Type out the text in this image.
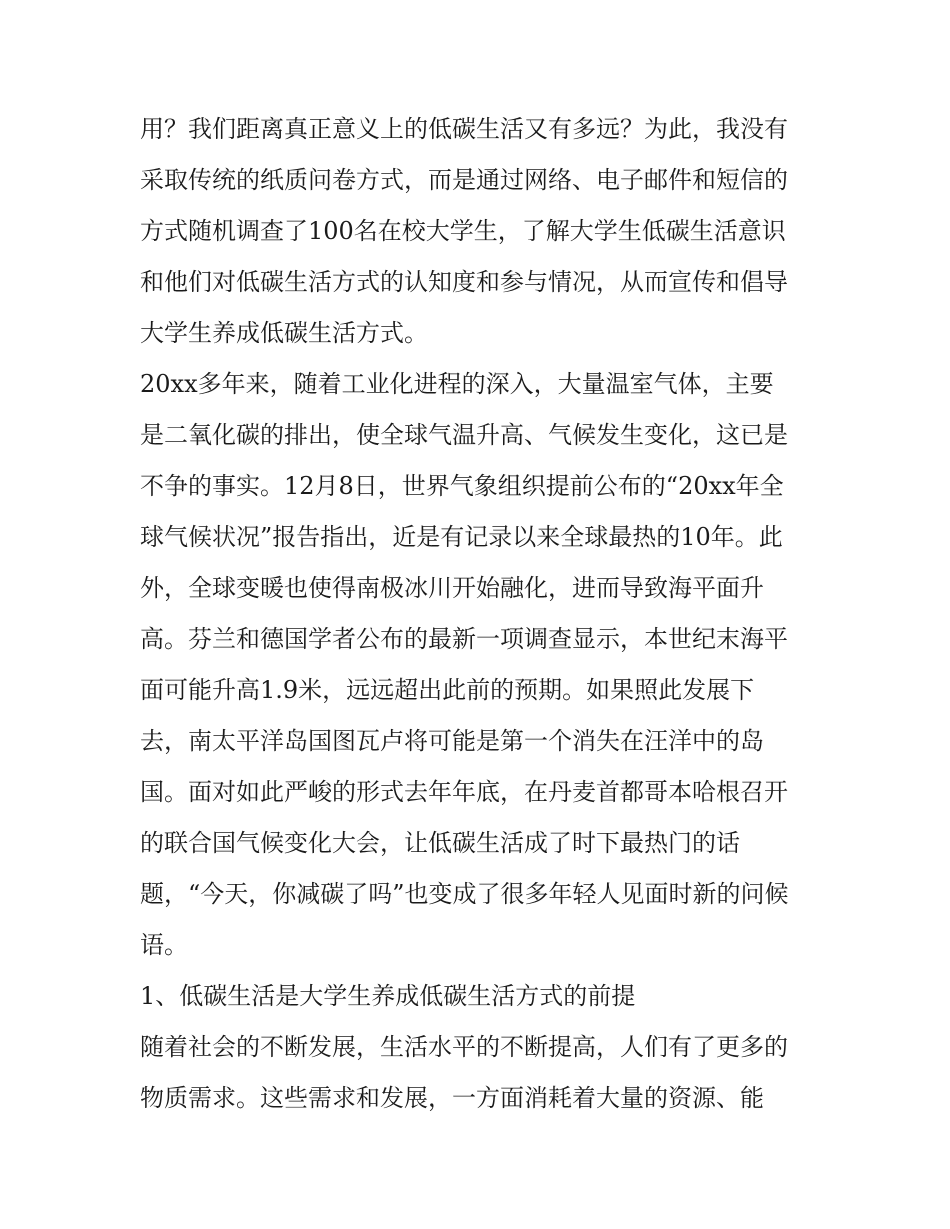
用？我们距离真正意义上的低碳生活又有多远？为此，我没有
采取传统的纸质问卷方式，而是通过网络、电子邮件和短信的
方式随机调查了100名在校大学生，了解大学生低碳生活意识
和他们对低碳生活方式的认知度和参与情况，从而宣传和倡导
大学生养成低碳生活方式。
20xx多年来，随着工业化进程的深入，大量温室气体，主要
是二氧化碳的排出，使全球气温升高、气候发生变化，这已是
不争的事实。12月8日，世界气象组织提前公布的“20xx年全
球气候状况”报告指出，近是有记录以来全球最热的10年。此
外，全球变暖也使得南极冰川开始融化，进而导致海平面升
高。芬兰和德国学者公布的最新一项调查显示，本世纪末海平
面可能升高1.9米，远远超出此前的预期。如果照此发展下
去，南太平洋岛国图瓦卢将可能是第一个消失在汪洋中的岛
国。面对如此严峻的形式去年年底，在丹麦首都哥本哈根召开
的联合国气候变化大会，让低碳生活成了时下最热门的话
题，“今天，你减碳了吗”也变成了很多年轻人见面时新的问候
语。
1、低碳生活是大学生养成低碳生活方式的前提
随着社会的不断发展，生活水平的不断提高，人们有了更多的
物质需求。这些需求和发展，一方面消耗着大量的资源、能
